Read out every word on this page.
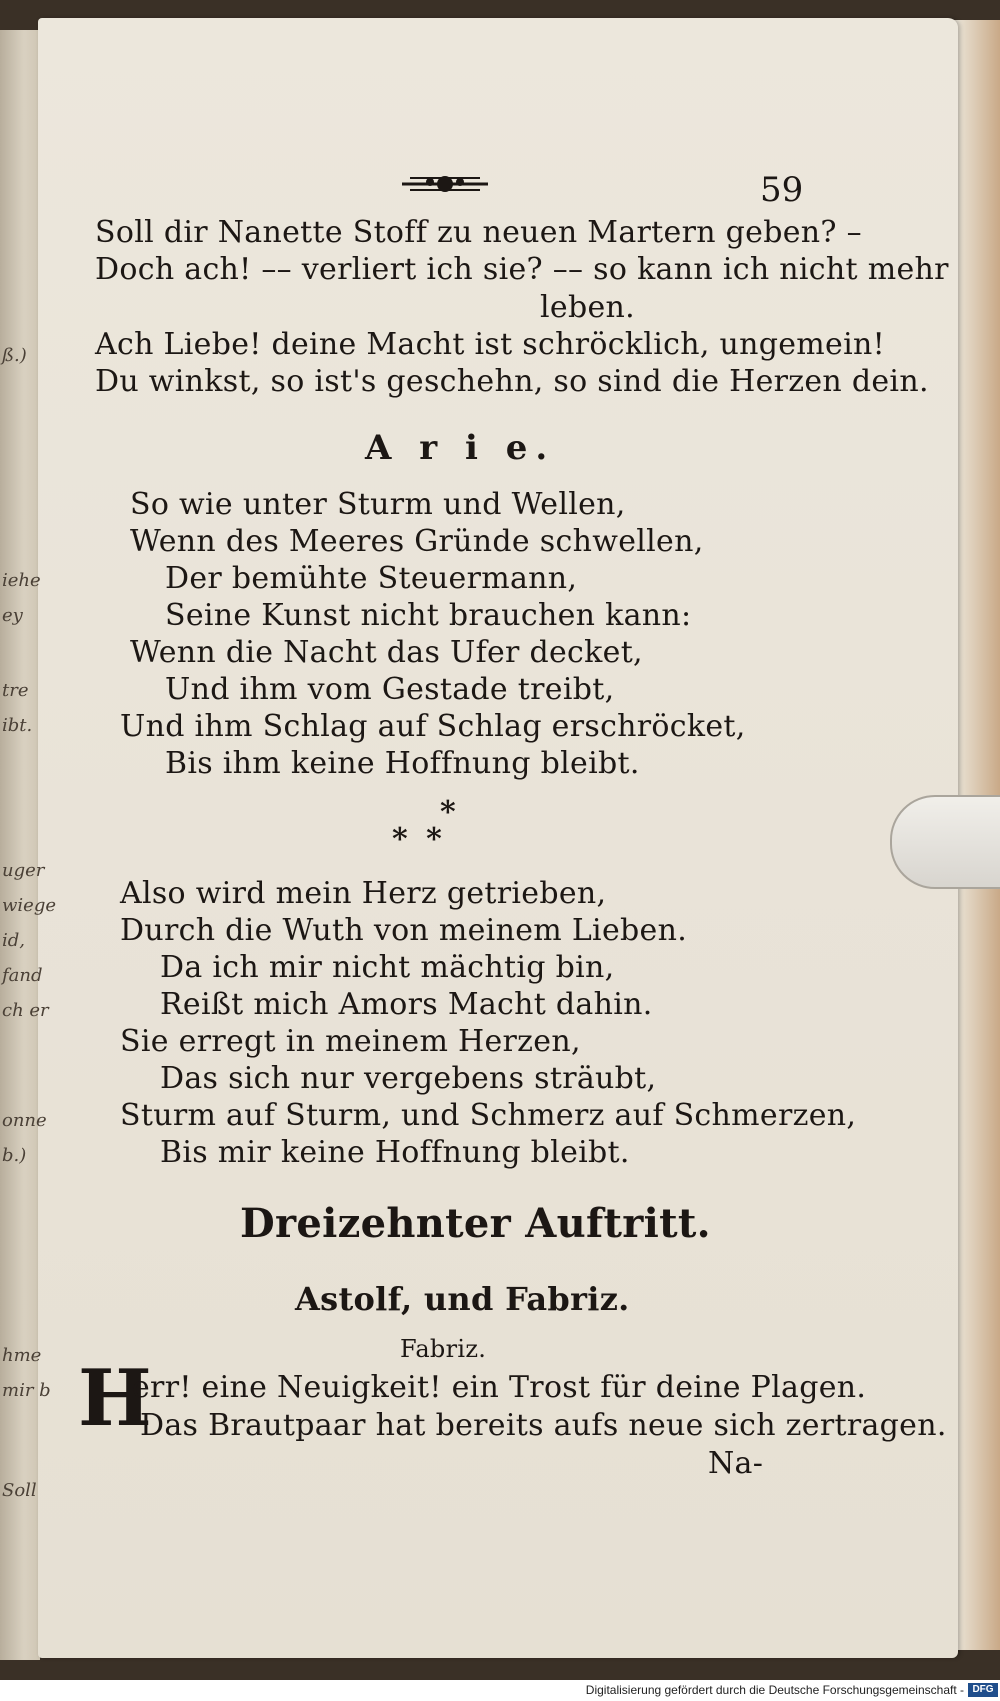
ß.)
iehe
ey
tre
ibt.
uger
wiege
id,
fand
ch er
onne
b.)
hme
mir b
Soll
59
Soll dir Nanette Stoff zu neuen Martern geben? –
Doch ach! –– verliert ich sie? –– so kann ich nicht mehr
leben.
Ach Liebe! deine Macht ist schröcklich, ungemein!
Du winkst, so ist's geschehn, so sind die Herzen dein.
A r i e.
So wie unter Sturm und Wellen,
Wenn des Meeres Gründe schwellen,
Der bemühte Steuermann,
Seine Kunst nicht brauchen kann:
Wenn die Nacht das Ufer decket,
Und ihm vom Gestade treibt,
Und ihm Schlag auf Schlag erschröcket,
Bis ihm keine Hoffnung bleibt.
*
* *
Also wird mein Herz getrieben,
Durch die Wuth von meinem Lieben.
Da ich mir nicht mächtig bin,
Reißt mich Amors Macht dahin.
Sie erregt in meinem Herzen,
Das sich nur vergebens sträubt,
Sturm auf Sturm, und Schmerz auf Schmerzen,
Bis mir keine Hoffnung bleibt.
Dreizehnter Auftritt.
Astolf, und Fabriz.
Fabriz.
H
err! eine Neuigkeit! ein Trost für deine Plagen.
Das Brautpaar hat bereits aufs neue sich zertragen.
Na-
Digitalisierung gefördert durch die Deutsche Forschungsgemeinschaft - DFG
